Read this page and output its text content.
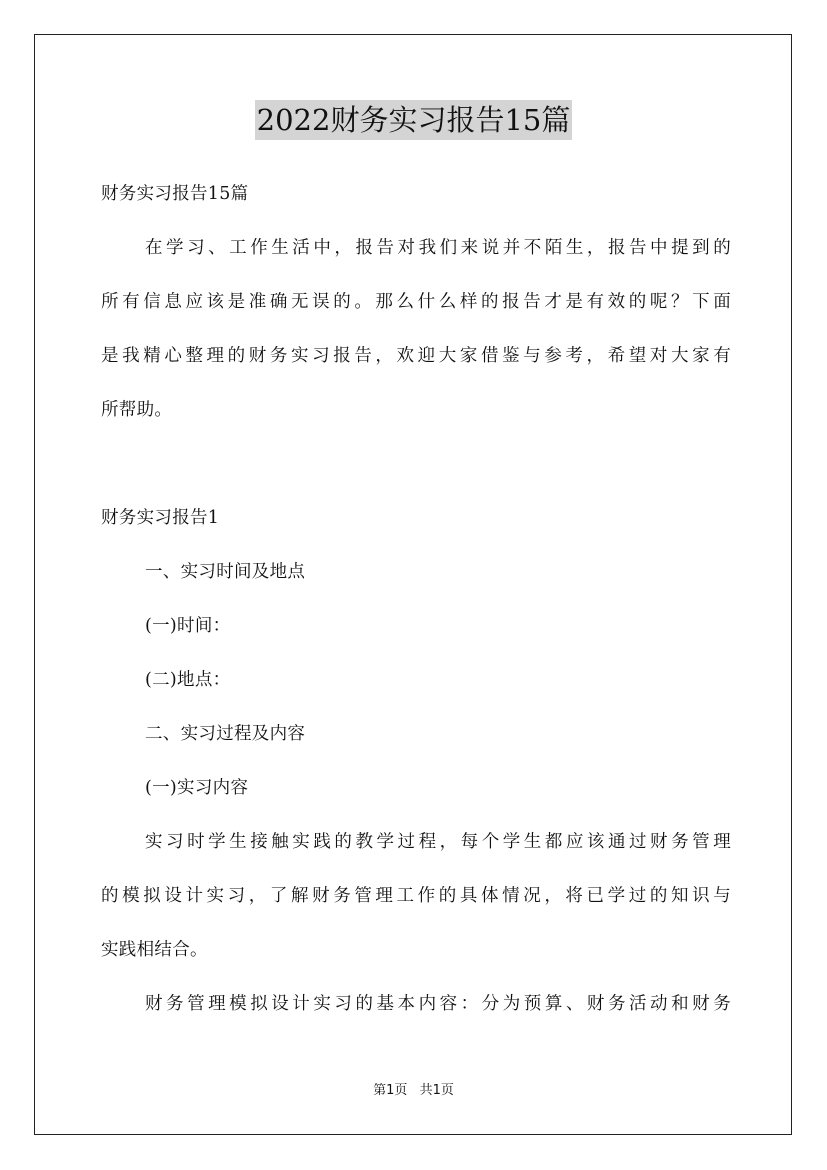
2022财务实习报告15篇
财务实习报告15篇
在学习、工作生活中，报告对我们来说并不陌生，报告中提到的
所有信息应该是准确无误的。那么什么样的报告才是有效的呢？下面
是我精心整理的财务实习报告，欢迎大家借鉴与参考，希望对大家有
所帮助。
财务实习报告1
一、实习时间及地点
(一)时间：
(二)地点：
二、实习过程及内容
(一)实习内容
实习时学生接触实践的教学过程，每个学生都应该通过财务管理
的模拟设计实习，了解财务管理工作的具体情况，将已学过的知识与
实践相结合。
财务管理模拟设计实习的基本内容：分为预算、财务活动和财务
第1页 共1页
